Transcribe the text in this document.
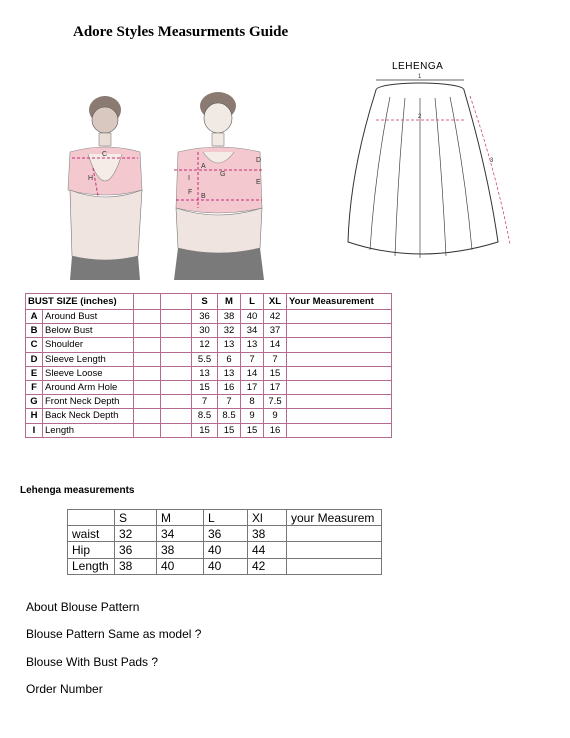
Adore Styles Measurments Guide
C
H
A
B
D
E
F
G
I
1
2
3
LEHENGA
BUST SIZE (inches)				S	M	L	XL	Your Measurement
A	Around Bust			36	38	40	42	
B	Below Bust			30	32	34	37	
C	Shoulder			12	13	13	14	
D	Sleeve Length			5.5	6	7	7	
E	Sleeve Loose			13	13	14	15	
F	Around Arm Hole			15	16	17	17	
G	Front Neck Depth			7	7	8	7.5	
H	Back Neck Depth			8.5	8.5	9	9	
I	Length			15	15	15	16	
Lehenga measurements
	S	M	L	Xl	your Measurem
waist	32	34	36	38	
Hip	36	38	40	44	
Length	38	40	40	42	
About Blouse Pattern
Blouse Pattern Same as model ?
Blouse With Bust Pads ?
Order Number
